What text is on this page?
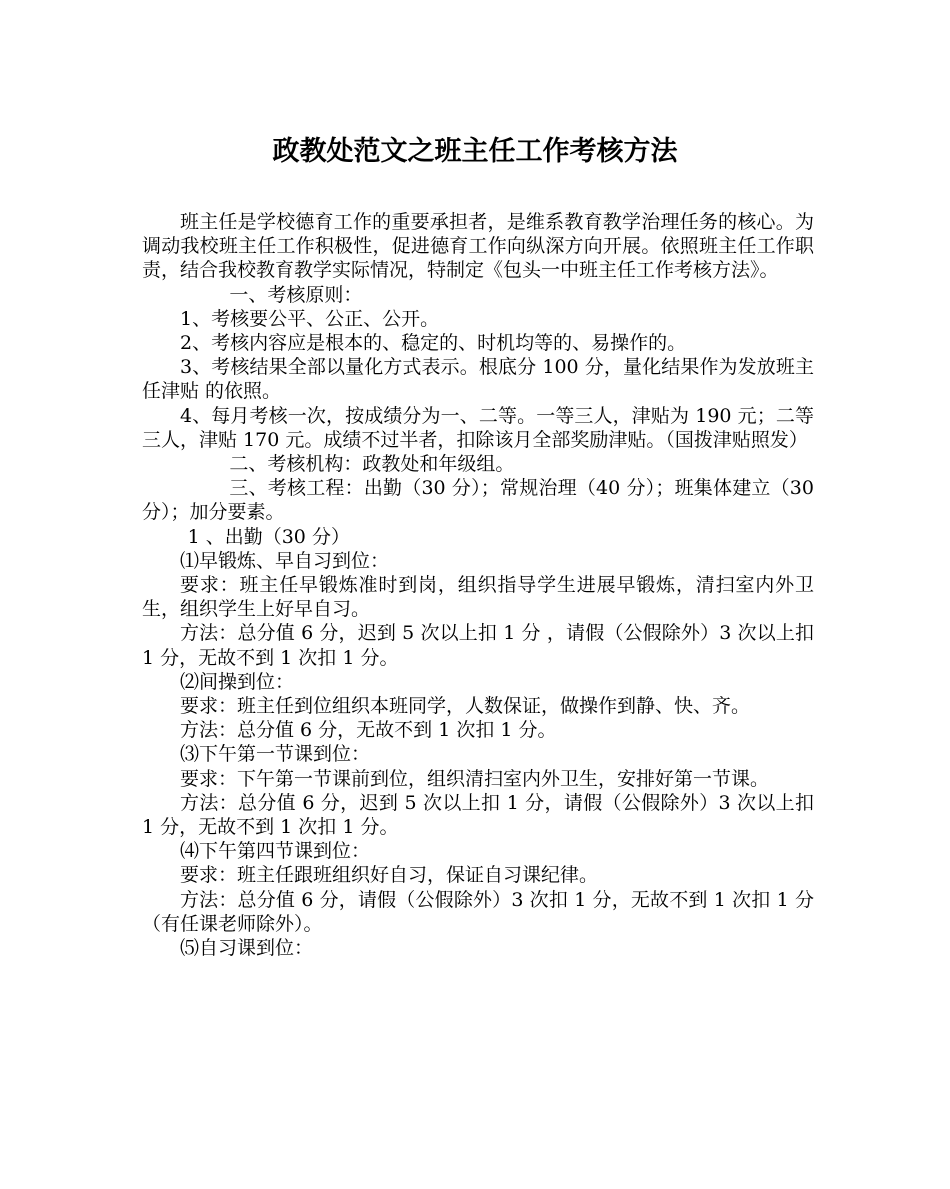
政教处范文之班主任工作考核方法

班主任是学校德育工作的重要承担者，是维系教育教学治理任务的核心。为调动我校班主任工作积极性，促进德育工作向纵深方向开展。依照班主任工作职责，结合我校教育教学实际情况，特制定《包头一中班主任工作考核方法》。

一、考核原则：

1、考核要公平、公正、公开。

2、考核内容应是根本的、稳定的、时机均等的、易操作的。

3、考核结果全部以量化方式表示。根底分 100 分，量化结果作为发放班主任津贴 的依照。

4、每月考核一次，按成绩分为一、二等。一等三人，津贴为 190 元；二等三人，津贴 170 元。成绩不过半者，扣除该月全部奖励津贴。（国拨津贴照发）

二、考核机构：政教处和年级组。

三、考核工程：出勤（30 分）；常规治理（40 分）；班集体建立（30 分）；加分要素。

1 、出勤（30 分）

⑴早锻炼、早自习到位：

要求：班主任早锻炼准时到岗，组织指导学生进展早锻炼，清扫室内外卫生，组织学生上好早自习。

方法：总分值 6 分，迟到 5 次以上扣 1 分 ，请假（公假除外）3 次以上扣 1 分，无故不到 1 次扣 1 分。

⑵间操到位：

要求：班主任到位组织本班同学，人数保证，做操作到静、快、齐。

方法：总分值 6 分，无故不到 1 次扣 1 分。

⑶下午第一节课到位：

要求：下午第一节课前到位，组织清扫室内外卫生，安排好第一节课。

方法：总分值 6 分，迟到 5 次以上扣 1 分，请假（公假除外）3 次以上扣 1 分，无故不到 1 次扣 1 分。

⑷下午第四节课到位：

要求：班主任跟班组织好自习，保证自习课纪律。

方法：总分值 6 分，请假（公假除外）3 次扣 1 分，无故不到 1 次扣 1 分（有任课老师除外）。

⑸自习课到位：
